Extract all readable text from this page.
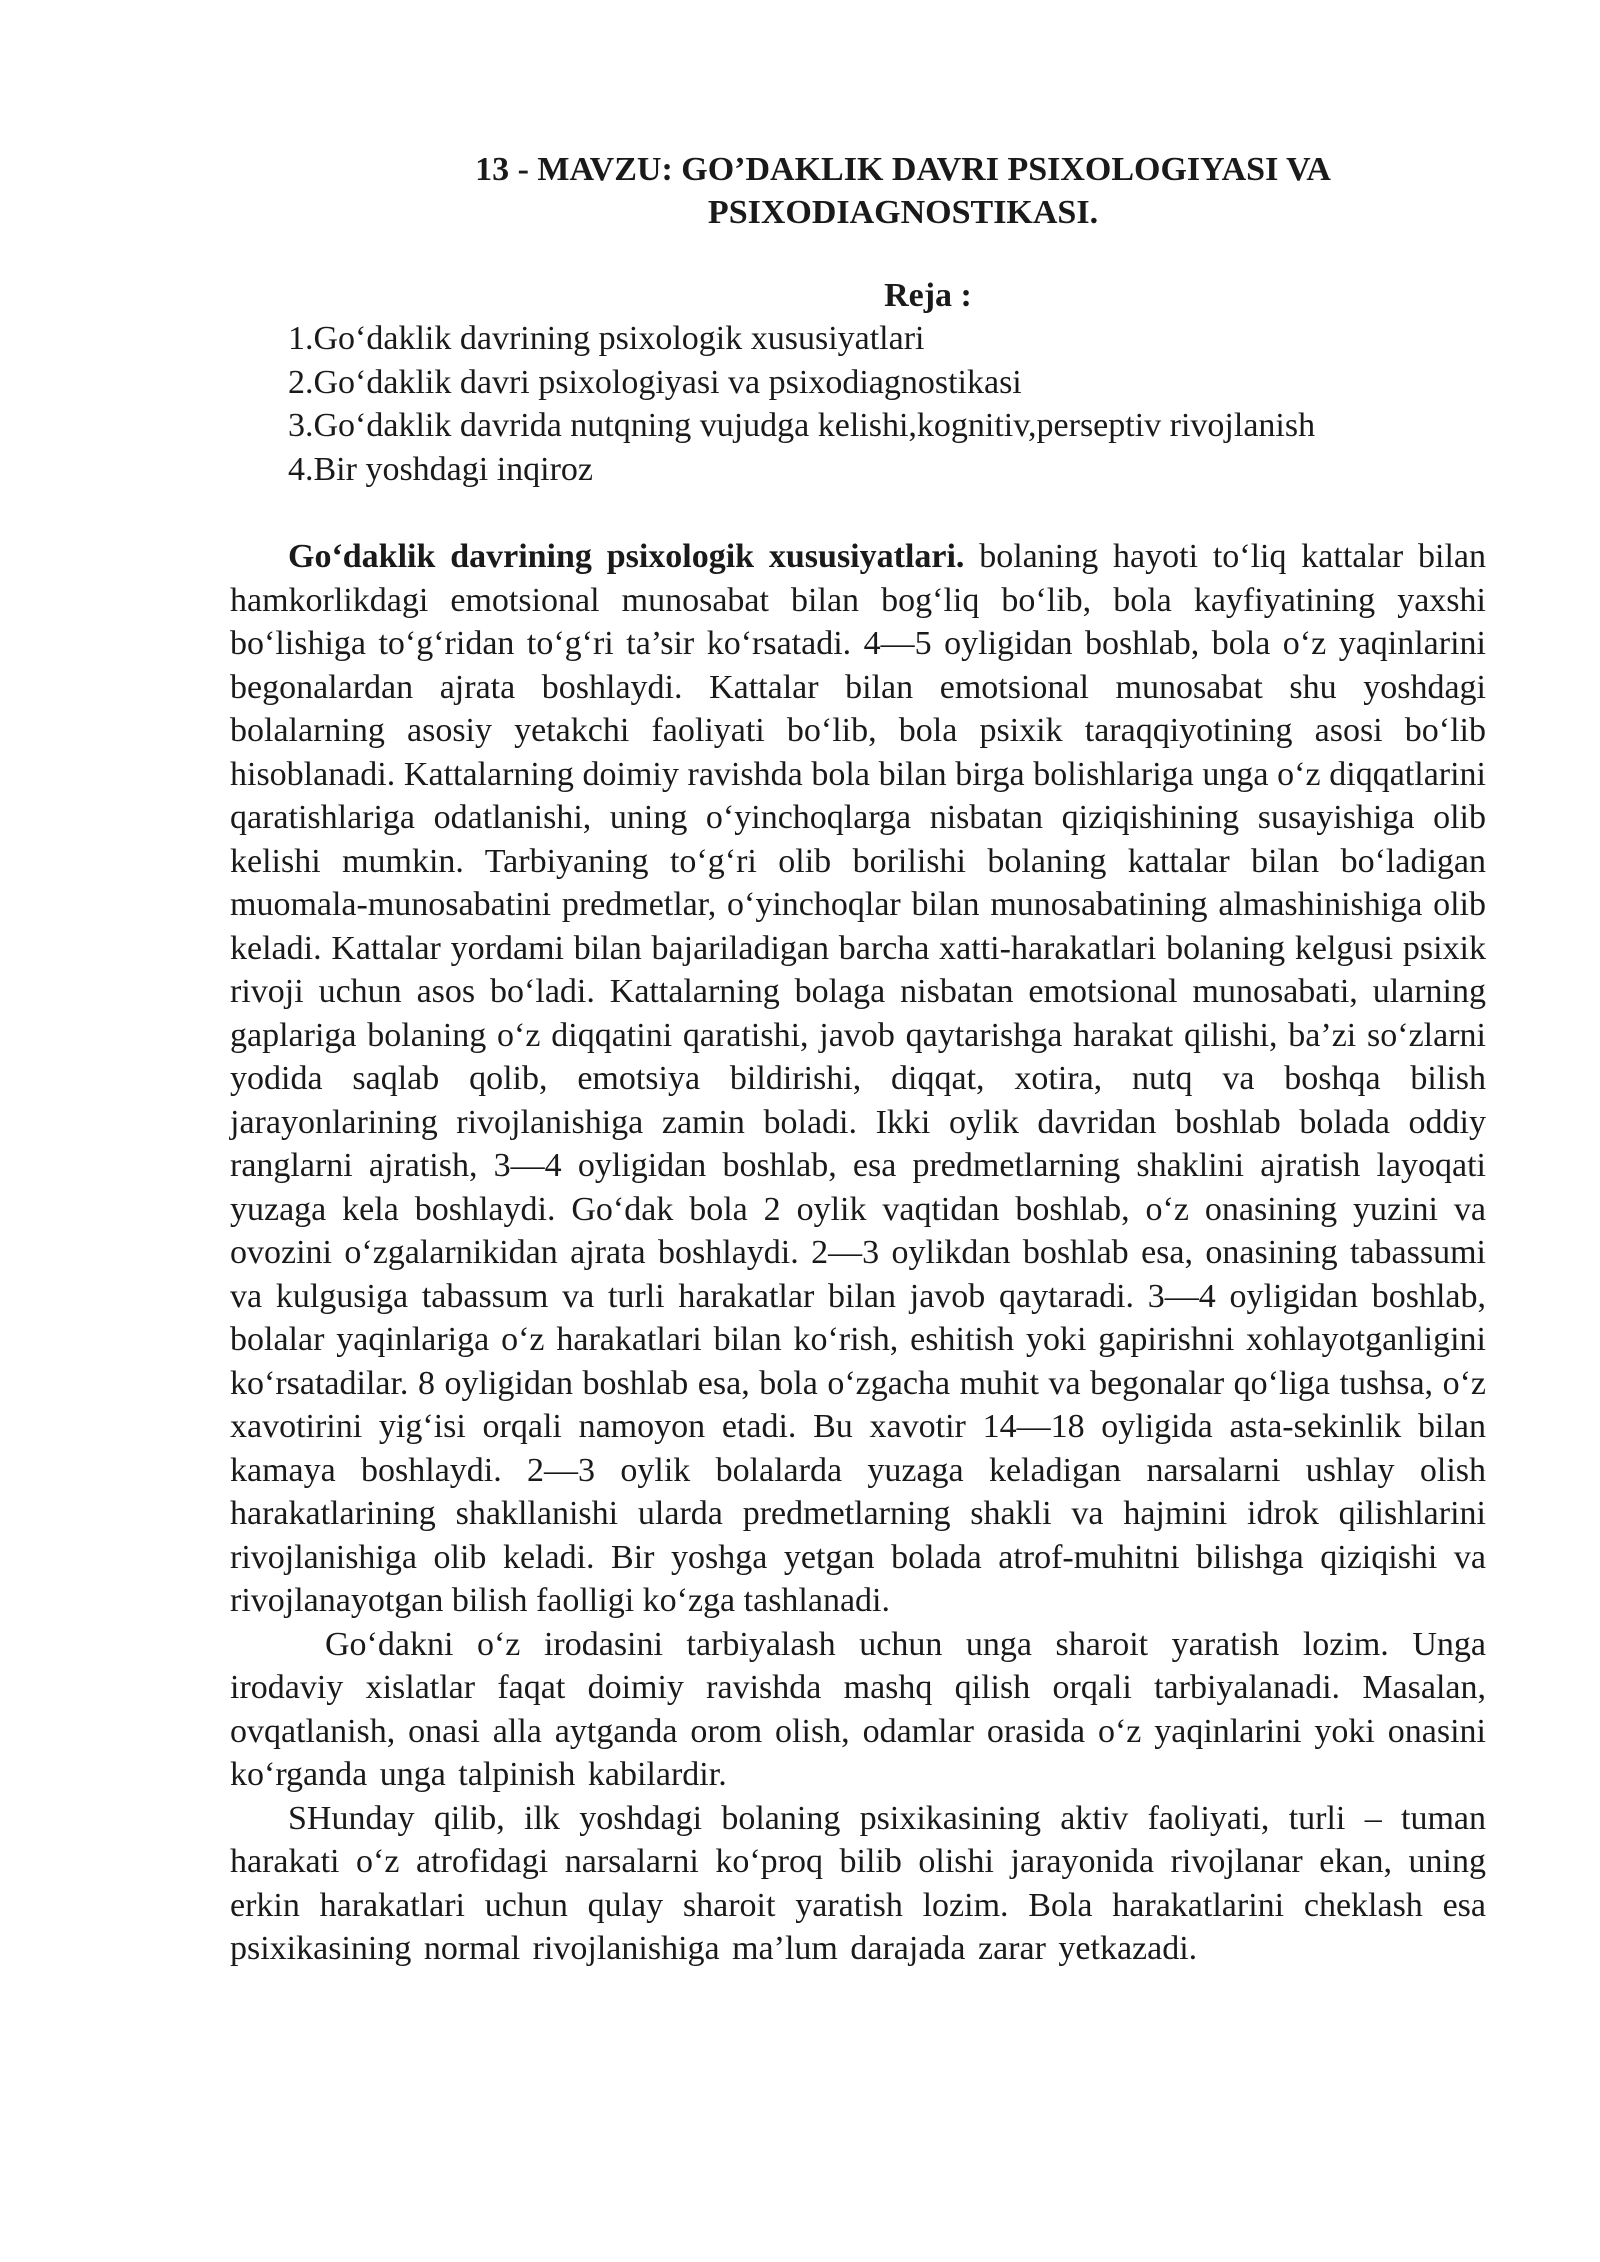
13 - MAVZU: GO’DAKLIK DAVRI PSIXOLOGIYASI VA
PSIXODIAGNOSTIKASI.
Reja :
1.Go‘daklik davrining psixologik xususiyatlari
2.Go‘daklik davri psixologiyasi va psixodiagnostikasi
3.Go‘daklik davrida nutqning vujudga kelishi,kognitiv,perseptiv rivojlanish
4.Bir yoshdagi inqiroz

Go‘daklik davrining psixologik xususiyatlari. bolaning hayoti to‘liq kattalar bilan hamkorlikdagi emotsional munosabat bilan bog‘liq bo‘lib, bola kayfiyatining yaxshi bo‘lishiga to‘g‘ridan to‘g‘ri ta’sir ko‘rsatadi. 4—5 oyligidan boshlab, bola o‘z yaqinlarini begonalardan ajrata boshlaydi. Kattalar bilan emotsional munosabat shu yoshdagi bolalarning asosiy yetakchi faoliyati bo‘lib, bola psixik taraqqiyotining asosi bo‘lib hisoblanadi. Kattalarning doimiy ravishda bola bilan birga bolishlariga unga o‘z diqqatlarini qaratishlariga odatlanishi, uning o‘yinchoqlarga nisbatan qiziqishining susayishiga olib kelishi mumkin. Tarbiyaning to‘g‘ri olib borilishi bolaning kattalar bilan bo‘ladigan muomala-munosabatini predmetlar, o‘yinchoqlar bilan munosabatining almashinishiga olib keladi. Kattalar yordami bilan bajariladigan barcha xatti-harakatlari bolaning kelgusi psixik rivoji uchun asos bo‘ladi. Kattalarning bolaga nisbatan emotsional munosabati, ularning gaplariga bolaning o‘z diqqatini qaratishi, javob qaytarishga harakat qilishi, ba’zi so‘zlarni yodida saqlab qolib, emotsiya bildirishi, diqqat, xotira, nutq va boshqa bilish jarayonlarining rivojlanishiga zamin boladi. Ikki oylik davridan boshlab bolada oddiy ranglarni ajratish, 3—4 oyligidan boshlab, esa predmetlarning shaklini ajratish layoqati yuzaga kela boshlaydi. Go‘dak bola 2 oylik vaqtidan boshlab, o‘z onasining yuzini va ovozini o‘zgalarnikidan ajrata boshlaydi. 2—3 oylikdan boshlab esa, onasining tabassumi va kulgusiga tabassum va turli harakatlar bilan javob qaytaradi. 3—4 oyligidan boshlab, bolalar yaqinlariga o‘z harakatlari bilan ko‘rish, eshitish yoki gapirishni xohlayotganligini ko‘rsatadilar. 8 oyligidan boshlab esa, bola o‘zgacha muhit va begonalar qo‘liga tushsa, o‘z xavotirini yig‘isi orqali namoyon etadi. Bu xavotir 14—18 oyligida asta-sekinlik bilan kamaya boshlaydi. 2—3 oylik bolalarda yuzaga keladigan narsalarni ushlay olish harakatlarining shakllanishi ularda predmetlarning shakli va hajmini idrok qilishlarini rivojlanishiga olib keladi. Bir yoshga yetgan bolada atrof-muhitni bilishga qiziqishi va rivojlanayotgan bilish faolligi ko‘zga tashlanadi.

Go‘dakni o‘z irodasini tarbiyalash uchun unga sharoit yaratish lozim. Unga irodaviy xislatlar faqat doimiy ravishda mashq qilish orqali tarbiyalanadi. Masalan, ovqatlanish, onasi alla aytganda orom olish, odamlar orasida o‘z yaqinlarini yoki onasini ko‘rganda unga talpinish kabilardir.

SHunday qilib, ilk yoshdagi bolaning psixikasining aktiv faoliyati, turli – tuman harakati o‘z atrofidagi narsalarni ko‘proq bilib olishi jarayonida rivojlanar ekan, uning erkin harakatlari uchun qulay sharoit yaratish lozim. Bola harakatlarini cheklash esa psixikasining normal rivojlanishiga ma’lum darajada zarar yetkazadi.
